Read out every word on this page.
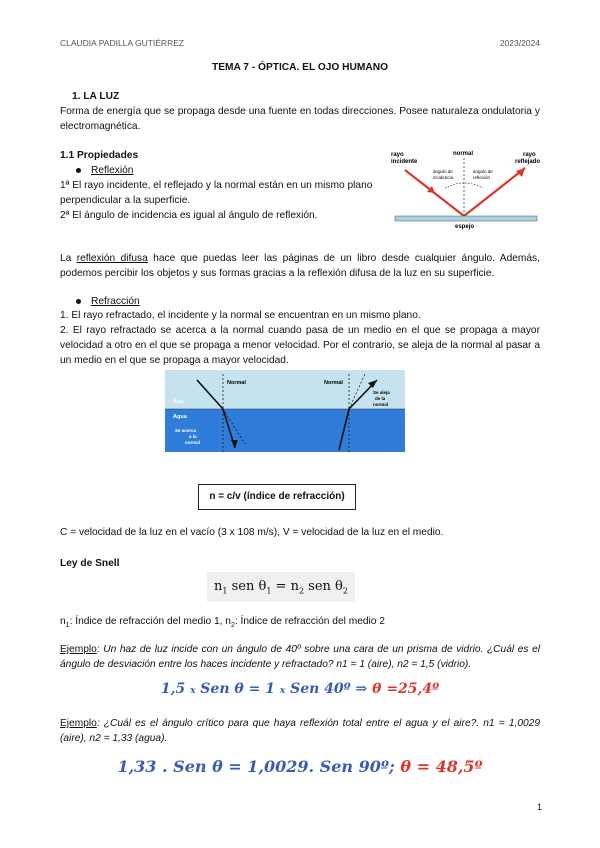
CLAUDIA PADILLA GUTIÉRREZ	2023/2024
TEMA 7 - ÓPTICA. EL OJO HUMANO
1. LA LUZ
Forma de energía que se propaga desde una fuente en todas direcciones. Posee naturaleza ondulatoria y electromagnética.
1.1 Propiedades
Reflexión
1ª El rayo incidente, el reflejado y la normal están en un mismo plano perpendicular a la superficie.
2ª El ángulo de incidencia es igual al ángulo de reflexión.
rayo
incidente
normal	rayo
reflejado
ángulo de
incidencia
ángulo de
reflexión
espejo
La reflexión difusa hace que puedas leer las páginas de un libro desde cualquier ángulo. Además, podemos percibir los objetos y sus formas gracias a la reflexión difusa de la luz en su superficie.
Refracción
1. El rayo refractado, el incidente y la normal se encuentran en un mismo plano.
2. El rayo refractado se acerca a la normal cuando pasa de un medio en el que se propaga a mayor velocidad a otro en el que se propaga a menor velocidad. Por el contrario, se aleja de la normal al pasar a un medio en el que se propaga a mayor velocidad.
Normal	Normal
Aire
Agua
Se acerca
a la
normal
Se aleja
de la
normal
n = c/v (índice de refracción)
C = velocidad de la luz en el vacío (3 x 108 m/s), V = velocidad de la luz en el medio.
Ley de Snell
$n_1$ sen $\theta_1 = n_2$ sen $\theta_2$
$n_1$: Índice de refracción del medio 1, $n_2$: Índice de refracción del medio 2
Ejemplo: Un haz de luz incide con un ángulo de 40º sobre una cara de un prisma de vidrio. ¿Cuál es el ángulo de desviación entre los haces incidente y refractado? n1 = 1 (aire), n2 = 1,5 (vidrio).
1,5 x Sen θ = 1 x Sen 40º ⇒ θ =25,4º
Ejemplo: ¿Cuál es el ángulo crítico para que haya reflexión total entre el agua y el aire?. n1 = 1,0029 (aire), n2 = 1,33 (agua).
1,33 . Sen θ = 1,0029. Sen 90º; θ = 48,5º
1
